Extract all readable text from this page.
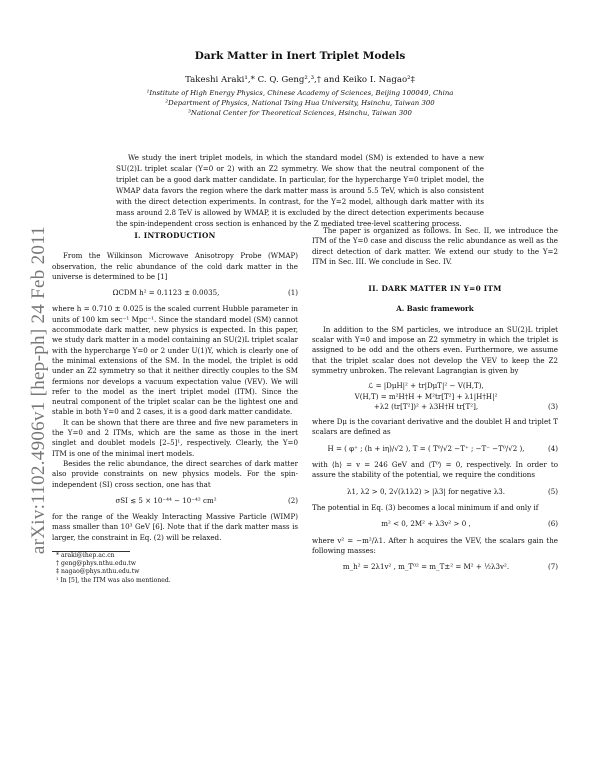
arXiv:1102.4906v1 [hep-ph] 24 Feb 2011
Dark Matter in Inert Triplet Models
Takeshi Araki¹,* C. Q. Geng²,³,† and Keiko I. Nagao²‡
¹Institute of High Energy Physics, Chinese Academy of Sciences, Beijing 100049, China
²Department of Physics, National Tsing Hua University, Hsinchu, Taiwan 300
³National Center for Theoretical Sciences, Hsinchu, Taiwan 300

We study the inert triplet models, in which the standard model (SM) is extended to have a new SU(2)L triplet scalar (Y=0 or 2) with an Z2 symmetry. We show that the neutral component of the triplet can be a good dark matter candidate. In particular, for the hypercharge Y=0 triplet model, the WMAP data favors the region where the dark matter mass is around 5.5 TeV, which is also consistent with the direct detection experiments. In contrast, for the Y=2 model, although dark matter with its mass around 2.8 TeV is allowed by WMAP, it is excluded by the direct detection experiments because the spin-independent cross section is enhanced by the Z mediated tree-level scattering process.

I. INTRODUCTION

From the Wilkinson Microwave Anisotropy Probe (WMAP) observation, the relic abundance of the cold dark matter in the universe is determined to be [1]

ΩCDM h² = 0.1123 ± 0.0035,	(1)

where h = 0.710 ± 0.025 is the scaled current Hubble parameter in units of 100 km sec⁻¹ Mpc⁻¹. Since the standard model (SM) cannot accommodate dark matter, new physics is expected. In this paper, we study dark matter in a model containing an SU(2)L triplet scalar with the hypercharge Y=0 or 2 under U(1)Y, which is clearly one of the minimal extensions of the SM. In the model, the triplet is odd under an Z2 symmetry so that it neither directly couples to the SM fermions nor develops a vacuum expectation value (VEV). We will refer to the model as the inert triplet model (ITM). Since the neutral component of the triplet scalar can be the lightest one and stable in both Y=0 and 2 cases, it is a good dark matter candidate.

It can be shown that there are three and five new parameters in the Y=0 and 2 ITMs, which are the same as those in the inert singlet and doublet models [2–5]¹, respectively. Clearly, the Y=0 ITM is one of the minimal inert models.

Besides the relic abundance, the direct searches of dark matter also provide constraints on new physics models. For the spin-independent (SI) cross section, one has that

σSI ≲ 5 × 10⁻⁴⁴ − 10⁻⁴² cm²	(2)

for the range of the Weakly Interacting Massive Particle (WIMP) mass smaller than 10³ GeV [6]. Note that if the dark matter mass is larger, the constraint in Eq. (2) will be relaxed.

* araki@ihep.ac.cn
† geng@phys.nthu.edu.tw
‡ nagao@phys.nthu.edu.tw
¹ In [5], the ITM was also mentioned.

The paper is organized as follows. In Sec. II, we introduce the ITM of the Y=0 case and discuss the relic abundance as well as the direct detection of dark matter. We extend our study to the Y=2 ITM in Sec. III. We conclude in Sec. IV.

II. DARK MATTER IN Y=0 ITM
A. Basic framework

In addition to the SM particles, we introduce an SU(2)L triplet scalar with Y=0 and impose an Z2 symmetry in which the triplet is assigned to be odd and the others even. Furthermore, we assume that the triplet scalar does not develop the VEV to keep the Z2 symmetry unbroken. The relevant Lagrangian is given by

ℒ = |DμH|² + tr|DμT|² − V(H,T),
V(H,T) = m²H†H + M²tr[T²] + λ1|H†H|²
+λ2 (tr[T²])² + λ3H†H tr[T²],	(3)

where Dμ is the covariant derivative and the doublet H and triplet T scalars are defined as

H = ( φ⁺ ; (h + iη)/√2 ), T = ( T⁰/√2 −T⁺ ; −T⁻ −T⁰/√2 ),	(4)

with ⟨h⟩ = v = 246 GeV and ⟨T⁰⟩ = 0, respectively. In order to assure the stability of the potential, we require the conditions

λ1, λ2 > 0, 2√(λ1λ2) > |λ3| for negative λ3.	(5)

The potential in Eq. (3) becomes a local minimum if and only if

m² < 0, 2M² + λ3v² > 0 ,	(6)

where v² = −m²/λ1. After h acquires the VEV, the scalars gain the following masses:

m_h² = 2λ1v² , m_T⁰² = m_T±² = M² + ½λ3v².	(7)
